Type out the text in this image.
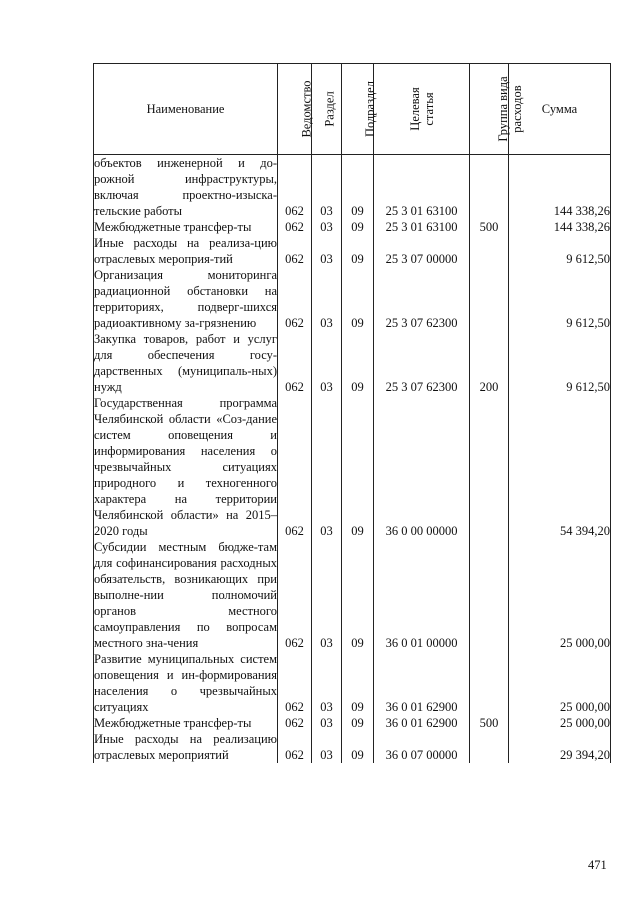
Наименование	Ведомство	Раздел	Подраздел	Целевая статья	Группа вида расходов	Сумма
объектов инженерной и до-рожной инфраструктуры, включая проектно-изыска-тельские работы	062	03	09	25 3 01 63100		144 338,26
Межбюджетные трансфер-ты	062	03	09	25 3 01 63100	500	144 338,26
Иные расходы на реализа-цию отраслевых мероприя-тий	062	03	09	25 3 07 00000		9 612,50
Организация мониторинга радиационной обстановки на территориях, подверг-шихся радиоактивному за-грязнению	062	03	09	25 3 07 62300		9 612,50
Закупка товаров, работ и услуг для обеспечения госу-дарственных (муниципаль-ных) нужд	062	03	09	25 3 07 62300	200	9 612,50
Государственная программа Челябинской области «Соз-дание систем оповещения и информирования населения о чрезвычайных ситуациях природного и техногенного характера на территории Челябинской области» на 2015–2020 годы	062	03	09	36 0 00 00000		54 394,20
Субсидии местным бюдже-там для софинансирования расходных обязательств, возникающих при выполне-нии полномочий органов местного самоуправления по вопросам местного зна-чения	062	03	09	36 0 01 00000		25 000,00
Развитие муниципальных систем оповещения и ин-формирования населения о чрезвычайных ситуациях	062	03	09	36 0 01 62900		25 000,00
Межбюджетные трансфер-ты	062	03	09	36 0 01 62900	500	25 000,00
Иные расходы на реализацию отраслевых мероприятий	062	03	09	36 0 07 00000		29 394,20
471
